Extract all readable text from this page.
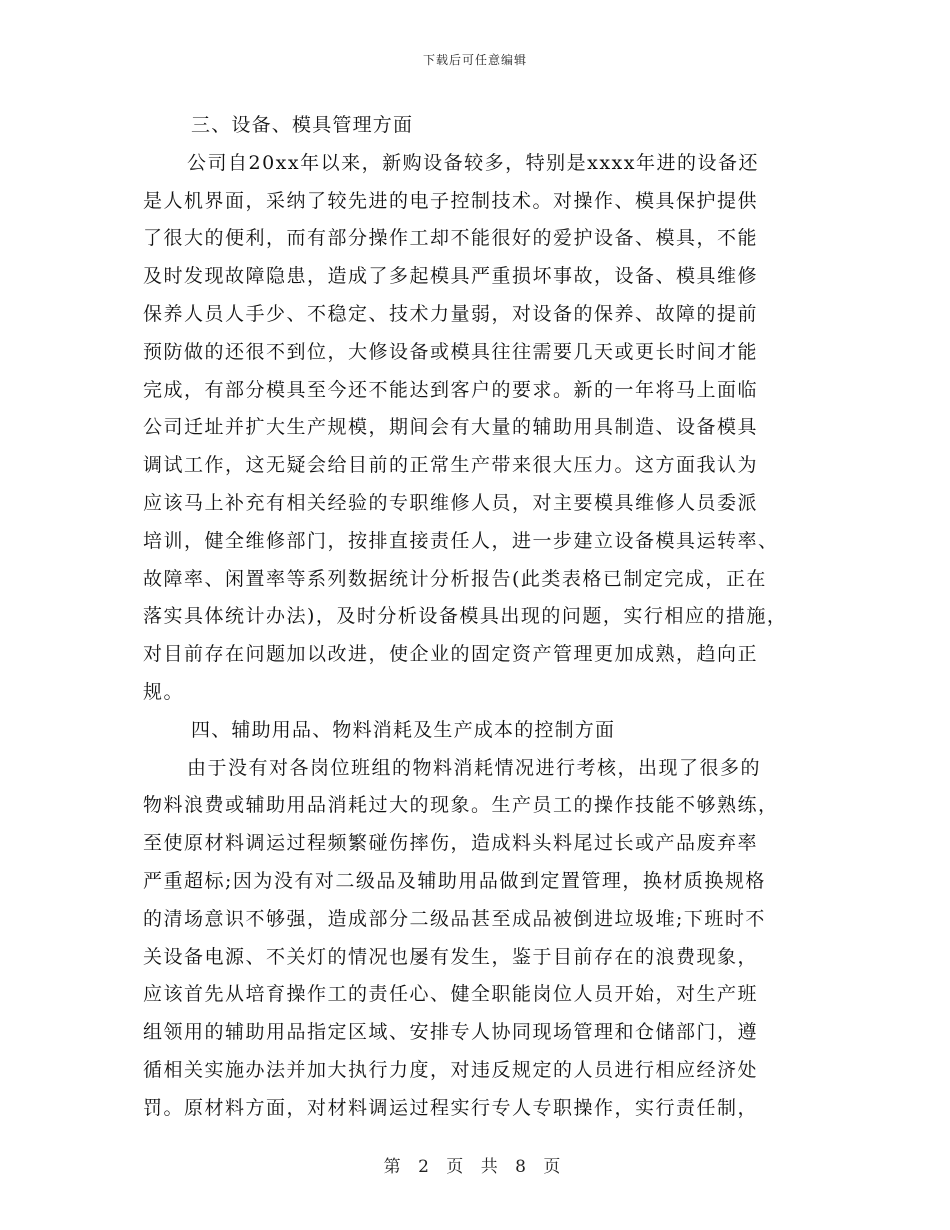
下载后可任意编辑
三、设备、模具管理方面
公司自20xx年以来，新购设备较多，特别是xxxx年进的设备还
是人机界面，采纳了较先进的电子控制技术。对操作、模具保护提供
了很大的便利，而有部分操作工却不能很好的爱护设备、模具，不能
及时发现故障隐患，造成了多起模具严重损坏事故，设备、模具维修
保养人员人手少、不稳定、技术力量弱，对设备的保养、故障的提前
预防做的还很不到位，大修设备或模具往往需要几天或更长时间才能
完成，有部分模具至今还不能达到客户的要求。新的一年将马上面临
公司迁址并扩大生产规模，期间会有大量的辅助用具制造、设备模具
调试工作，这无疑会给目前的正常生产带来很大压力。这方面我认为
应该马上补充有相关经验的专职维修人员，对主要模具维修人员委派
培训，健全维修部门，按排直接责任人，进一步建立设备模具运转率、
故障率、闲置率等系列数据统计分析报告(此类表格已制定完成，正在
落实具体统计办法)，及时分析设备模具出现的问题，实行相应的措施，
对目前存在问题加以改进，使企业的固定资产管理更加成熟，趋向正
规。
四、辅助用品、物料消耗及生产成本的控制方面
由于没有对各岗位班组的物料消耗情况进行考核，出现了很多的
物料浪费或辅助用品消耗过大的现象。生产员工的操作技能不够熟练，
至使原材料调运过程频繁碰伤摔伤，造成料头料尾过长或产品废弃率
严重超标;因为没有对二级品及辅助用品做到定置管理，换材质换规格
的清场意识不够强，造成部分二级品甚至成品被倒进垃圾堆;下班时不
关设备电源、不关灯的情况也屡有发生，鉴于目前存在的浪费现象，
应该首先从培育操作工的责任心、健全职能岗位人员开始，对生产班
组领用的辅助用品指定区域、安排专人协同现场管理和仓储部门，遵
循相关实施办法并加大执行力度，对违反规定的人员进行相应经济处
罚。原材料方面，对材料调运过程实行专人专职操作，实行责任制，
第 2 页 共 8 页
